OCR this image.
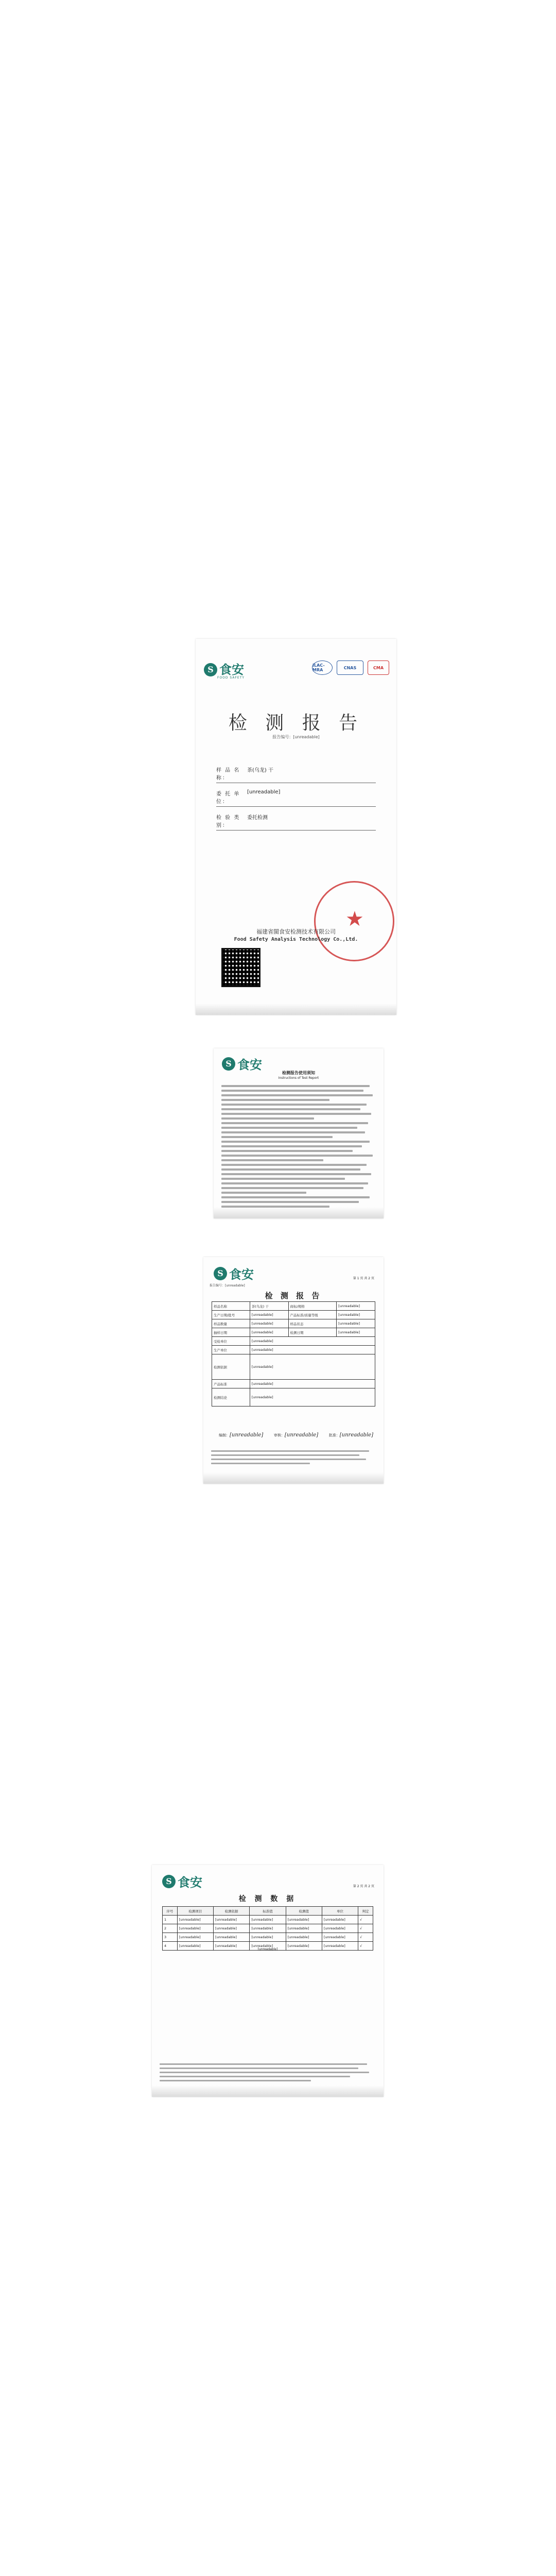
S 食安
FOOD SAFETY
ILAC-MRA	CNAS	CMA
检 测 报 告
报告编号：[unreadable]
样 品 名 称：
茶(乌龙) 干
委 托 单 位：
[unreadable]
检 验 类 别：
委托检测
★
福建省閩食安检测技术有限公司
Food Safety Analysis Technology Co.,Ltd.
S 食安
检测报告使用须知
Instructions of Test Report
S 食安
报告编号：[unreadable]
第 1 页 共 2 页
检 测 报 告
样品名称	茶(乌龙) 干	商标/规格	[unreadable]
生产日期/批号	[unreadable]	产品标准/质量等级	[unreadable]
样品数量	[unreadable]	样品状态	[unreadable]
抽样日期	[unreadable]	检测日期	[unreadable]
受检单位	[unreadable]		
生产单位	[unreadable]		
检测依据	[unreadable]		
产品标准	[unreadable]		
检测结论	[unreadable]		
编制：[unreadable]	审核：[unreadable]	批准：[unreadable]
S 食安	第 2 页 共 2 页
检 测 数 据
序号	检测项目	检测依据	标准值	检测值	单位	判定
1	[unreadable]	[unreadable]	[unreadable]	[unreadable]	[unreadable]	√
2	[unreadable]	[unreadable]	[unreadable]	[unreadable]	[unreadable]	√
3	[unreadable]	[unreadable]	[unreadable]	[unreadable]	[unreadable]	√
4	[unreadable]	[unreadable]	[unreadable]	[unreadable]	[unreadable]	√
[unreadable]
